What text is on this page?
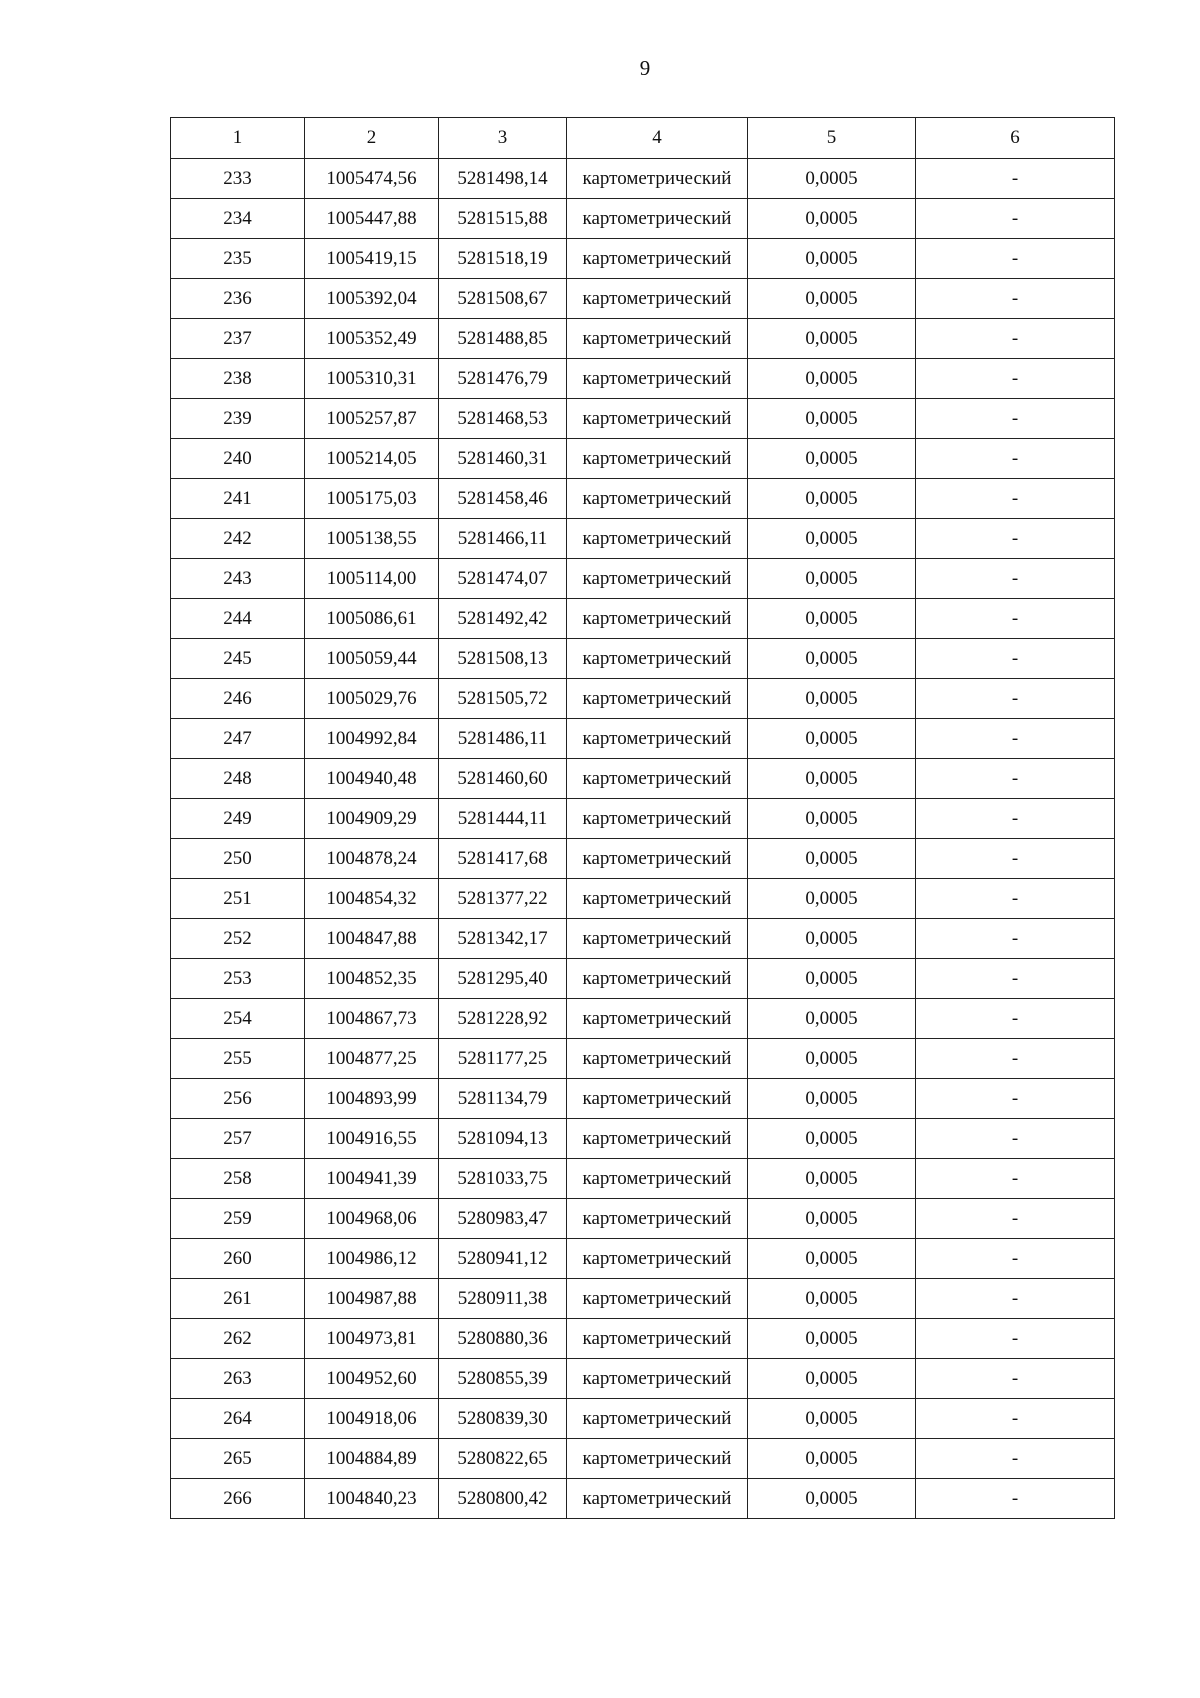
9
1	2	3	4	5	6
233	1005474,56	5281498,14	картометрический	0,0005	-
234	1005447,88	5281515,88	картометрический	0,0005	-
235	1005419,15	5281518,19	картометрический	0,0005	-
236	1005392,04	5281508,67	картометрический	0,0005	-
237	1005352,49	5281488,85	картометрический	0,0005	-
238	1005310,31	5281476,79	картометрический	0,0005	-
239	1005257,87	5281468,53	картометрический	0,0005	-
240	1005214,05	5281460,31	картометрический	0,0005	-
241	1005175,03	5281458,46	картометрический	0,0005	-
242	1005138,55	5281466,11	картометрический	0,0005	-
243	1005114,00	5281474,07	картометрический	0,0005	-
244	1005086,61	5281492,42	картометрический	0,0005	-
245	1005059,44	5281508,13	картометрический	0,0005	-
246	1005029,76	5281505,72	картометрический	0,0005	-
247	1004992,84	5281486,11	картометрический	0,0005	-
248	1004940,48	5281460,60	картометрический	0,0005	-
249	1004909,29	5281444,11	картометрический	0,0005	-
250	1004878,24	5281417,68	картометрический	0,0005	-
251	1004854,32	5281377,22	картометрический	0,0005	-
252	1004847,88	5281342,17	картометрический	0,0005	-
253	1004852,35	5281295,40	картометрический	0,0005	-
254	1004867,73	5281228,92	картометрический	0,0005	-
255	1004877,25	5281177,25	картометрический	0,0005	-
256	1004893,99	5281134,79	картометрический	0,0005	-
257	1004916,55	5281094,13	картометрический	0,0005	-
258	1004941,39	5281033,75	картометрический	0,0005	-
259	1004968,06	5280983,47	картометрический	0,0005	-
260	1004986,12	5280941,12	картометрический	0,0005	-
261	1004987,88	5280911,38	картометрический	0,0005	-
262	1004973,81	5280880,36	картометрический	0,0005	-
263	1004952,60	5280855,39	картометрический	0,0005	-
264	1004918,06	5280839,30	картометрический	0,0005	-
265	1004884,89	5280822,65	картометрический	0,0005	-
266	1004840,23	5280800,42	картометрический	0,0005	-
